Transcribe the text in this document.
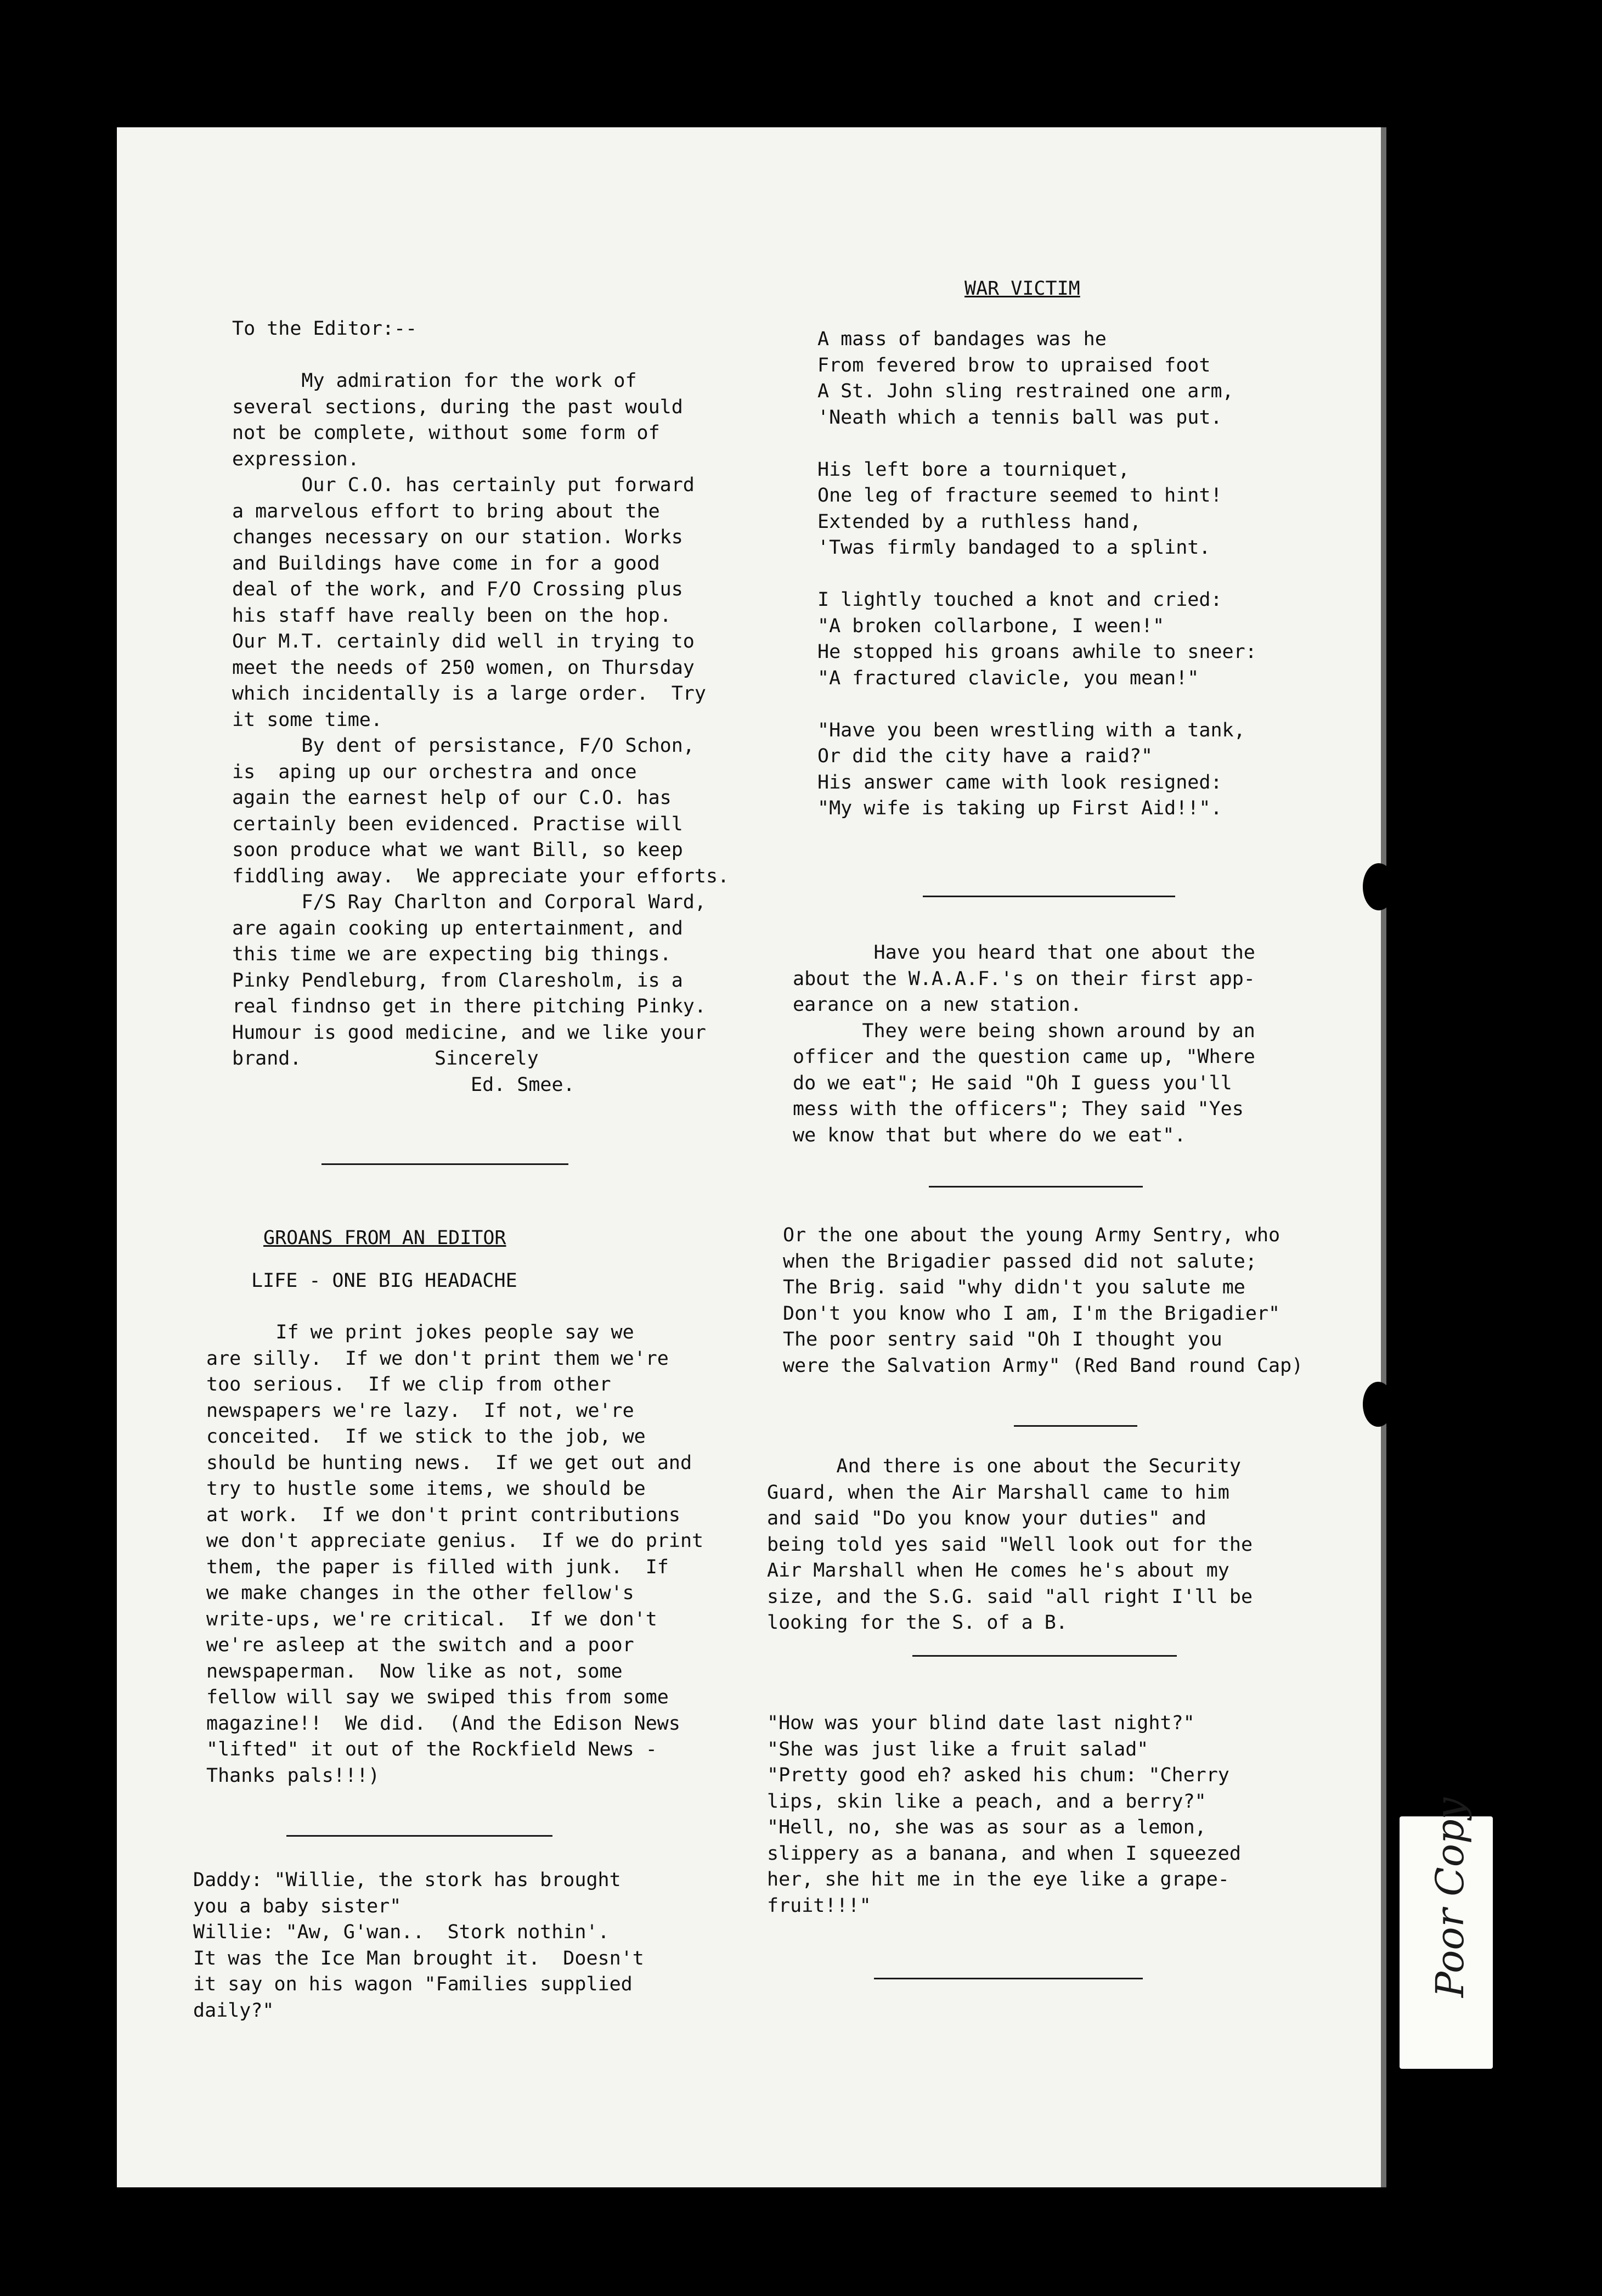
To the Editor:--

My admiration for the work of
several sections, during the past would
not be complete, without some form of
expression.
Our C.O. has certainly put forward
a marvelous effort to bring about the
changes necessary on our station. Works
and Buildings have come in for a good
deal of the work, and F/O Crossing plus
his staff have really been on the hop.
Our M.T. certainly did well in trying to
meet the needs of 250 women, on Thursday
which incidentally is a large order.  Try
it some time.
By dent of persistance, F/O Schon,
is  aping up our orchestra and once
again the earnest help of our C.O. has
certainly been evidenced. Practise will
soon produce what we want Bill, so keep
fiddling away.  We appreciate your efforts.
F/S Ray Charlton and Corporal Ward,
are again cooking up entertainment, and
this time we are expecting big things.
Pinky Pendleburg, from Claresholm, is a
real findnso get in there pitching Pinky.
Humour is good medicine, and we like your
brand.	Sincerely
Ed. Smee.
GROANS FROM AN EDITOR
LIFE - ONE BIG HEADACHE
If we print jokes people say we
are silly.  If we don't print them we're
too serious.  If we clip from other
newspapers we're lazy.  If not, we're
conceited.  If we stick to the job, we
should be hunting news.  If we get out and
try to hustle some items, we should be
at work.  If we don't print contributions
we don't appreciate genius.  If we do print
them, the paper is filled with junk.  If
we make changes in the other fellow's
write-ups, we're critical.  If we don't
we're asleep at the switch and a poor
newspaperman.  Now like as not, some
fellow will say we swiped this from some
magazine!!  We did.  (And the Edison News
"lifted" it out of the Rockfield News -
Thanks pals!!!)
Daddy: "Willie, the stork has brought
you a baby sister"
Willie: "Aw, G'wan..  Stork nothin'.
It was the Ice Man brought it.  Doesn't
it say on his wagon "Families supplied
daily?"
WAR VICTIM
A mass of bandages was he
From fevered brow to upraised foot
A St. John sling restrained one arm,
'Neath which a tennis ball was put.

His left bore a tourniquet,
One leg of fracture seemed to hint!
Extended by a ruthless hand,
'Twas firmly bandaged to a splint.

I lightly touched a knot and cried:
"A broken collarbone, I ween!"
He stopped his groans awhile to sneer:
"A fractured clavicle, you mean!"

"Have you been wrestling with a tank,
Or did the city have a raid?"
His answer came with look resigned:
"My wife is taking up First Aid!!".
Have you heard that one about the
about the W.A.A.F.'s on their first app-
earance on a new station.
They were being shown around by an
officer and the question came up, "Where
do we eat"; He said "Oh I guess you'll
mess with the officers"; They said "Yes
we know that but where do we eat".
Or the one about the young Army Sentry, who
when the Brigadier passed did not salute;
The Brig. said "why didn't you salute me
Don't you know who I am, I'm the Brigadier"
The poor sentry said "Oh I thought you
were the Salvation Army" (Red Band round Cap)
And there is one about the Security
Guard, when the Air Marshall came to him
and said "Do you know your duties" and
being told yes said "Well look out for the
Air Marshall when He comes he's about my
size, and the S.G. said "all right I'll be
looking for the S. of a B.
"How was your blind date last night?"
"She was just like a fruit salad"
"Pretty good eh? asked his chum: "Cherry
lips, skin like a peach, and a berry?"
"Hell, no, she was as sour as a lemon,
slippery as a banana, and when I squeezed
her, she hit me in the eye like a grape-
fruit!!!"	Poor Copy
